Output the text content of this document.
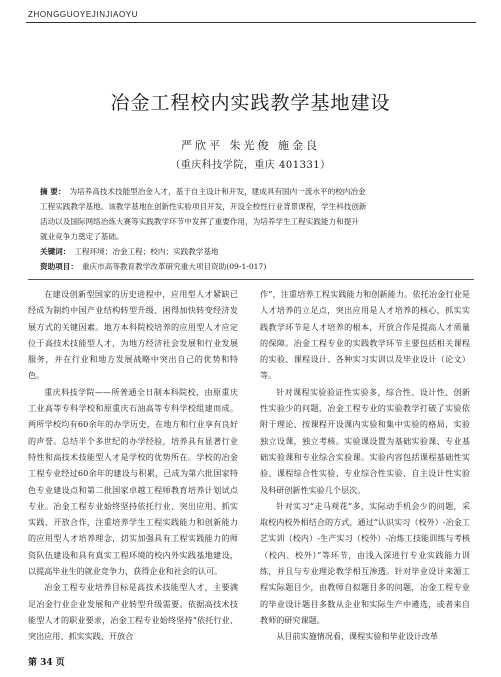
ZHONGGUOYEJINJIAOYU
冶金工程校内实践教学基地建设
严欣平 朱光俊 施金良
（重庆科技学院，重庆 401331）
摘 要： 为培养高技术技能型冶金人才，基于自主设计和开发，建成具有国内一流水平的校内冶金
工程实践教学基地。该教学基地在创新性实验项目开发，开设全校性行业背景课程，学生科技创新
活动以及国际网络冶炼大赛等实践教学环节中发挥了重要作用，为培养学生工程实践能力和提升
就业竞争力奠定了基础。
关键词： 工程环境；冶金工程；校内；实践教学基地
资助项目： 重庆市高等教育教学改革研究重大项目资助(09-1-017)

在建设创新型国家的历史进程中，应用型人才紧缺已经成为制约中国产业结构转型升级、困得加快转变经济发展方式的关键因素。地方本科院校培养的应用型人才应定位于高技术技能型人才，为地方经济社会发展和行业发展服务，并在行业和地方发展战略中突出自己的优势和特色。

重庆科技学院——所普通全日制本科院校，由原重庆工业高等专科学校和原重庆石油高等专科学校组建而成。两所学校均有60余年的办学历史，在地方和行业享有良好的声誉。总结半个多世纪的办学经验，培养具有显著行业特性和高技术技能型人才是学校的优势所在。学校的冶金工程专业经过60余年的建设与积累，已成为第六批国家特色专业建设点和第二批国家卓越工程师教育培养计划试点专业。冶金工程专业始终坚持依托行业、突出应用、抓实实践、开放合作，注重培养学生工程实践能力和创新能力的应用型人才培养理念，切实加强具有工程实践能力的师资队伍建设和具有真实工程环境的校内外实践基地建设，以提高毕业生的就业竞争力，获得企业和社会的认可。

冶金工程专业培养目标是高技术技能型人才，主要满足冶金行业企业发展和产业转型升级需要。依据高技术技能型人才的职业要求，冶金工程专业始终坚持“依托行业、突出应用、抓实实践、开放合

作”，注重培养工程实践能力和创新能力。依托冶金行业是人才培养的立足点，突出应用是人才培养的核心，抓实实践教学环节是人才培养的根本，开放合作是提高人才质量的保障。冶金工程专业的实践教学环节主要包括相关课程的实验、课程设计、各种实习实训以及毕业设计（论文）等。

针对课程实验验证性实验多，综合性、设计性、创新性实验少的问题，冶金工程专业的实验教学打破了实验依附于理论、按课程开设课内实验和集中实验的格局，实验独立设课，独立考核。实验课设置为基础实验课、专业基础实验课和专业综合实验课。实验内容包括课程基础性实验、课程综合性实验、专业综合性实验、自主设计性实验及科研创新性实验几个层次。

针对实习“走马观花”多，实际动手机会少的问题，采取校内校外相结合的方式，通过“认识实习（校外）-冶金工艺实训（校内）-生产实习（校外）-冶炼工技能训练与考核（校内、校外）”等环节，由浅入深进行专业实践能力训练，并且与专业理论教学相互渗透。针对毕业设计来源工程实际题目少，由教师自拟题目多的问题，冶金工程专业的毕业设计题目多数从企业和实际生产中遴选，或者来自教师的研究课题。

从目前实施情况看，课程实验和毕业设计改革

第 34 页
